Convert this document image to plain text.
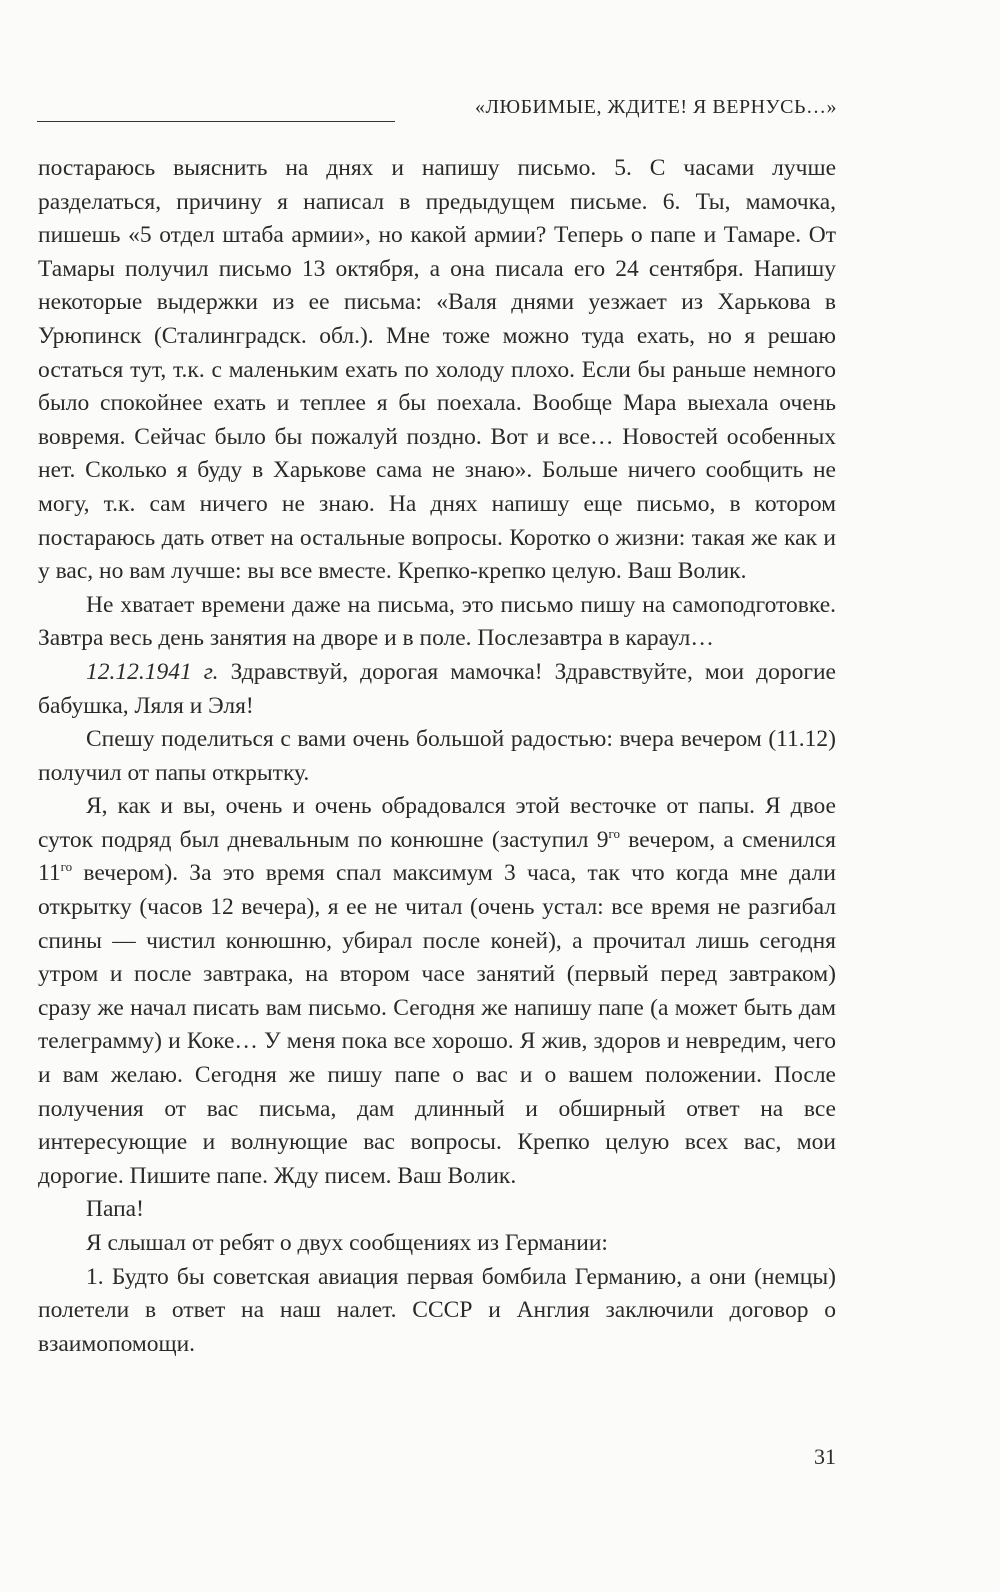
«ЛЮБИМЫЕ, ЖДИТЕ! Я ВЕРНУСЬ…»

постараюсь выяснить на днях и напишу письмо. 5. С часами лучше разделаться, причину я написал в предыдущем письме. 6. Ты, мамочка, пишешь «5 отдел штаба армии», но какой армии? Теперь о папе и Тамаре. От Тамары получил письмо 13 октября, а она писала его 24 сентября. Напишу некоторые выдержки из ее письма: «Валя днями уезжает из Харькова в Урюпинск (Сталинградск. обл.). Мне тоже можно туда ехать, но я решаю остаться тут, т.к. с маленьким ехать по холоду плохо. Если бы раньше немного было спокойнее ехать и теплее я бы поехала. Вообще Мара выехала очень вовремя. Сейчас было бы пожалуй поздно. Вот и все… Новостей особенных нет. Сколько я буду в Харькове сама не знаю». Больше ничего сообщить не могу, т.к. сам ничего не знаю. На днях напишу еще письмо, в котором постараюсь дать ответ на остальные вопросы. Коротко о жизни: такая же как и у вас, но вам лучше: вы все вместе. Крепко-крепко целую. Ваш Волик.

Не хватает времени даже на письма, это письмо пишу на самоподготовке. Завтра весь день занятия на дворе и в поле. Послезавтра в караул…

12.12.1941 г. Здравствуй, дорогая мамочка! Здравствуйте, мои дорогие бабушка, Ляля и Эля!

Спешу поделиться с вами очень большой радостью: вчера вечером (11.12) получил от папы открытку.

Я, как и вы, очень и очень обрадовался этой весточке от папы. Я двое суток подряд был дневальным по конюшне (заступил $9^{го}$ вечером, а сменился $11^{го}$ вечером). За это время спал максимум 3 часа, так что когда мне дали открытку (часов 12 вечера), я ее не читал (очень устал: все время не разгибал спины — чистил конюшню, убирал после коней), а прочитал лишь сегодня утром и после завтрака, на втором часе занятий (первый перед завтраком) сразу же начал писать вам письмо. Сегодня же напишу папе (а может быть дам телеграмму) и Коке… У меня пока все хорошо. Я жив, здоров и невредим, чего и вам желаю. Сегодня же пишу папе о вас и о вашем положении. После получения от вас письма, дам длинный и обширный ответ на все интересующие и волнующие вас вопросы. Крепко целую всех вас, мои дорогие. Пишите папе. Жду писем. Ваш Волик.

Папа!

Я слышал от ребят о двух сообщениях из Германии:

1. Будто бы советская авиация первая бомбила Германию, а они (немцы) полетели в ответ на наш налет. СССР и Англия заключили договор о взаимопомощи.

31
